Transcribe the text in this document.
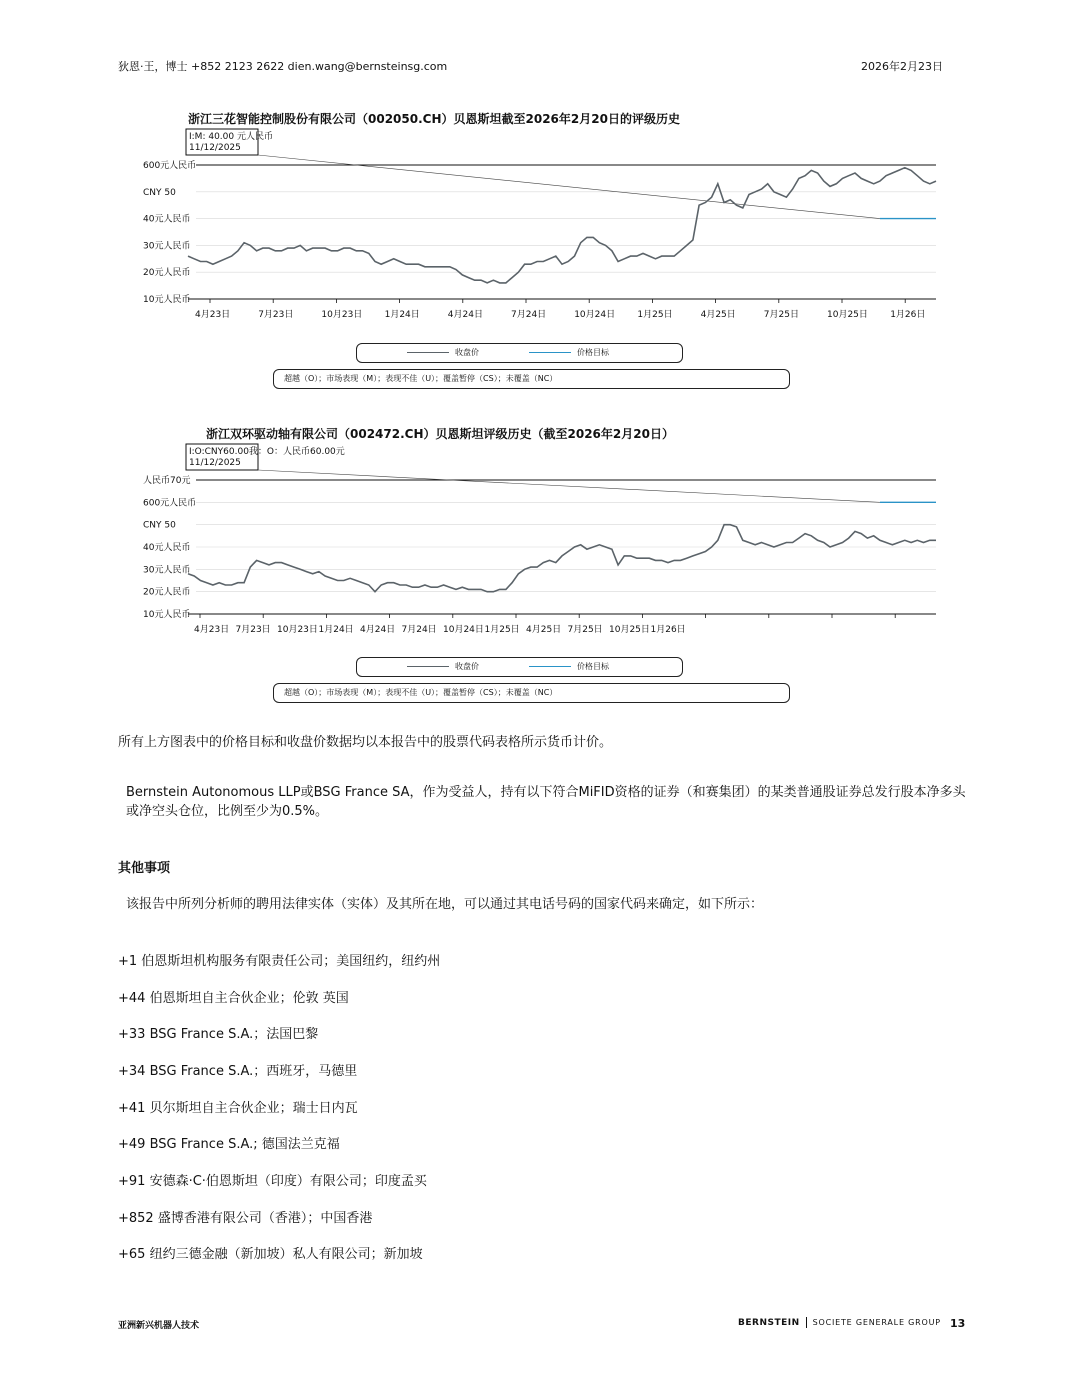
狄恩·王，博士 +852 2123 2622 dien.wang@bernsteinsg.com	2026年2月23日
浙江三花智能控制股份有限公司（002050.CH）贝恩斯坦截至2026年2月20日的评级历史
600元人民币
CNY 50
40元人民币
30元人民币
20元人民币
10元人民币
4月23日	7月23日	10月23日 1月24日	4月24日	7月24日	10月24日 1月25日	4月25日	7月25日	10月25日 1月26日
I:M: 40.00 元人民币
11/12/2025
收盘价	价格目标
超越（O）；市场表现（M）；表现不佳（U）；覆盖暂停（CS）；未覆盖（NC）
浙江双环驱动轴有限公司（002472.CH）贝恩斯坦评级历史（截至2026年2月20日）
人民币70元
600元人民币
CNY 50
40元人民币
30元人民币
20元人民币
10元人民币
4月23日 7月23日 10月23日 1月24日 4月24日 7月24日 10月24日 1月25日 4月25日 7月25日 10月25日 1月26日
I:O:CNY60.00我：O：人民币60.00元
11/12/2025
收盘价	价格目标
超越（O）；市场表现（M）；表现不佳（U）；覆盖暂停（CS）；未覆盖（NC）
所有上方图表中的价格目标和收盘价数据均以本报告中的股票代码表格所示货币计价。
Bernstein Autonomous LLP或BSG France SA，作为受益人，持有以下符合MiFID资格的证券（和赛集团）的某类普通股证券总发行股本净多头或净空头仓位，比例至少为0.5%。
其他事项
该报告中所列分析师的聘用法律实体（实体）及其所在地，可以通过其电话号码的国家代码来确定，如下所示：
+1 伯恩斯坦机构服务有限责任公司；美国纽约，纽约州
+44 伯恩斯坦自主合伙企业；伦敦 英国
+33 BSG France S.A.；法国巴黎
+34 BSG France S.A.；西班牙，马德里
+41 贝尔斯坦自主合伙企业；瑞士日内瓦
+49 BSG France S.A.; 德国法兰克福
+91 安德森·C·伯恩斯坦（印度）有限公司；印度孟买
+852 盛博香港有限公司（香港）；中国香港
+65 纽约三德金融（新加坡）私人有限公司；新加坡
亚洲新兴机器人技术	BERNSTEIN SOCIETE GENERALE GROUP 13
